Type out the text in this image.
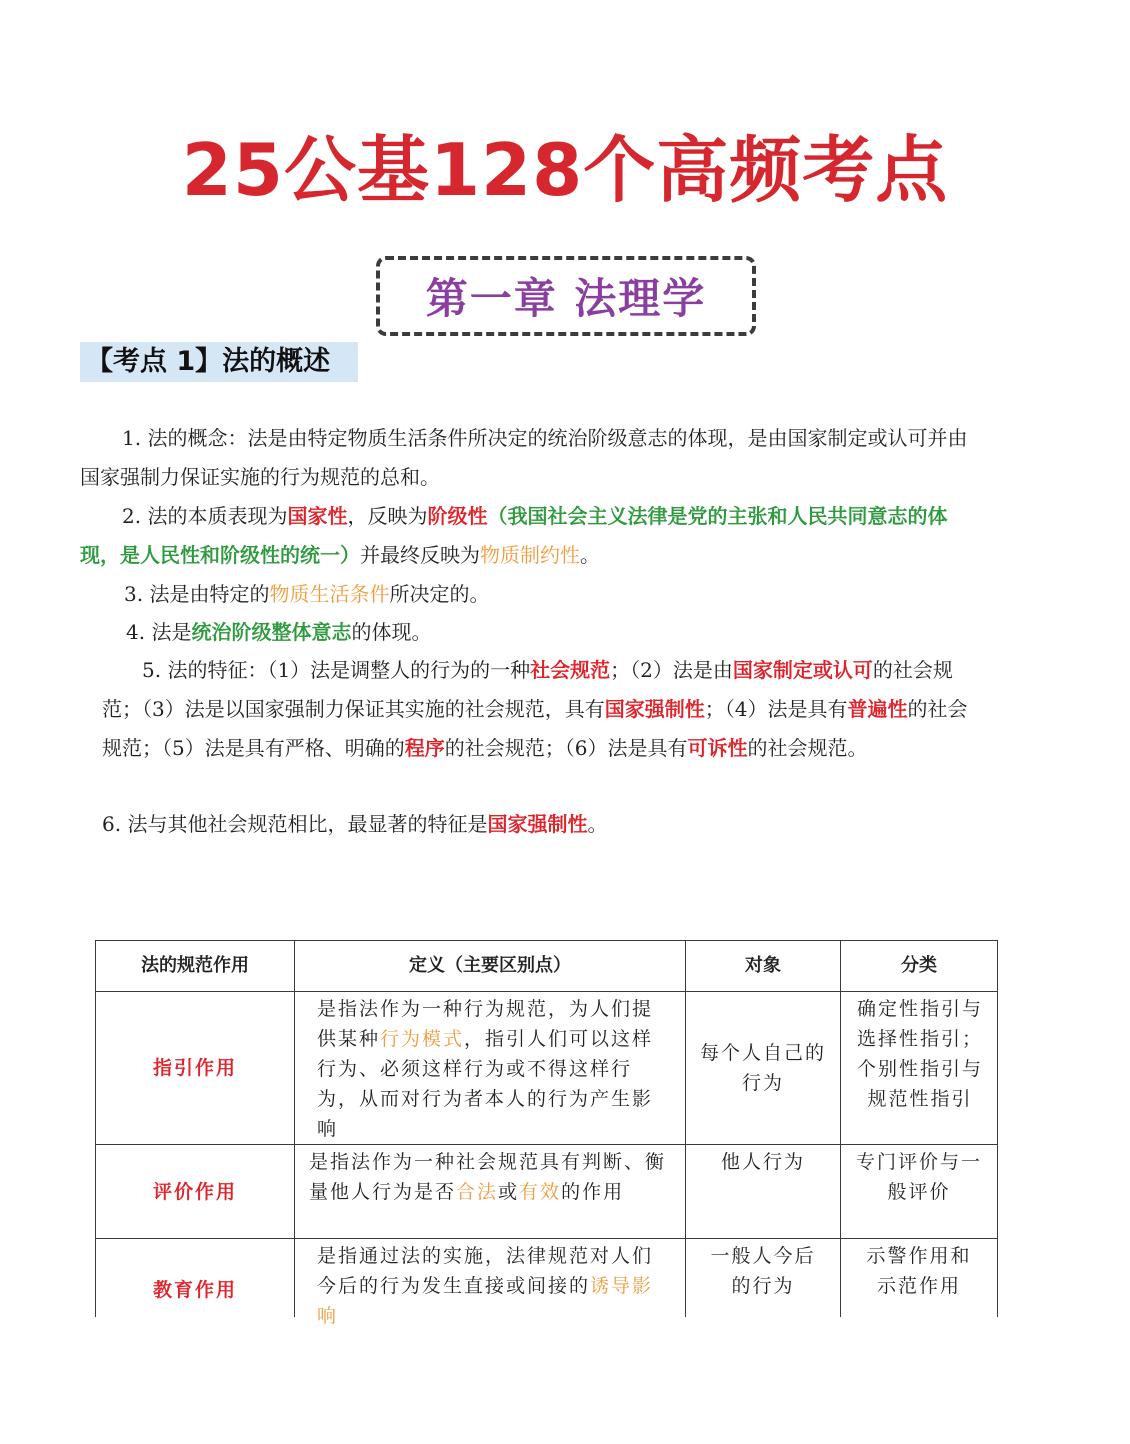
25公基128个高频考点
第一章 法理学
【考点 1】法的概述

1. 法的概念：法是由特定物质生活条件所决定的统治阶级意志的体现，是由国家制定或认可并由国家强制力保证实施的行为规范的总和。

2. 法的本质表现为国家性，反映为阶级性（我国社会主义法律是党的主张和人民共同意志的体现，是人民性和阶级性的统一）并最终反映为物质制约性。

3. 法是由特定的物质生活条件所决定的。

4. 法是统治阶级整体意志的体现。

5. 法的特征：（1）法是调整人的行为的一种社会规范；（2）法是由国家制定或认可的社会规范；（3）法是以国家强制力保证其实施的社会规范，具有国家强制性；（4）法是具有普遍性的社会规范；（5）法是具有严格、明确的程序的社会规范；（6）法是具有可诉性的社会规范。

6. 法与其他社会规范相比，最显著的特征是国家强制性。

法的规范作用	定义（主要区别点）	对象	分类
指引作用	是指法作为一种行为规范，为人们提供某种行为模式，指引人们可以这样行为、必须这样行为或不得这样行为，从而对行为者本人的行为产生影响	每个人自己的行为	确定性指引与选择性指引；个别性指引与规范性指引
评价作用	是指法作为一种社会规范具有判断、衡量他人行为是否合法或有效的作用	他人行为	专门评价与一般评价
教育作用	是指通过法的实施，法律规范对人们今后的行为发生直接或间接的诱导影响	一般人今后的行为	示警作用和示范作用
